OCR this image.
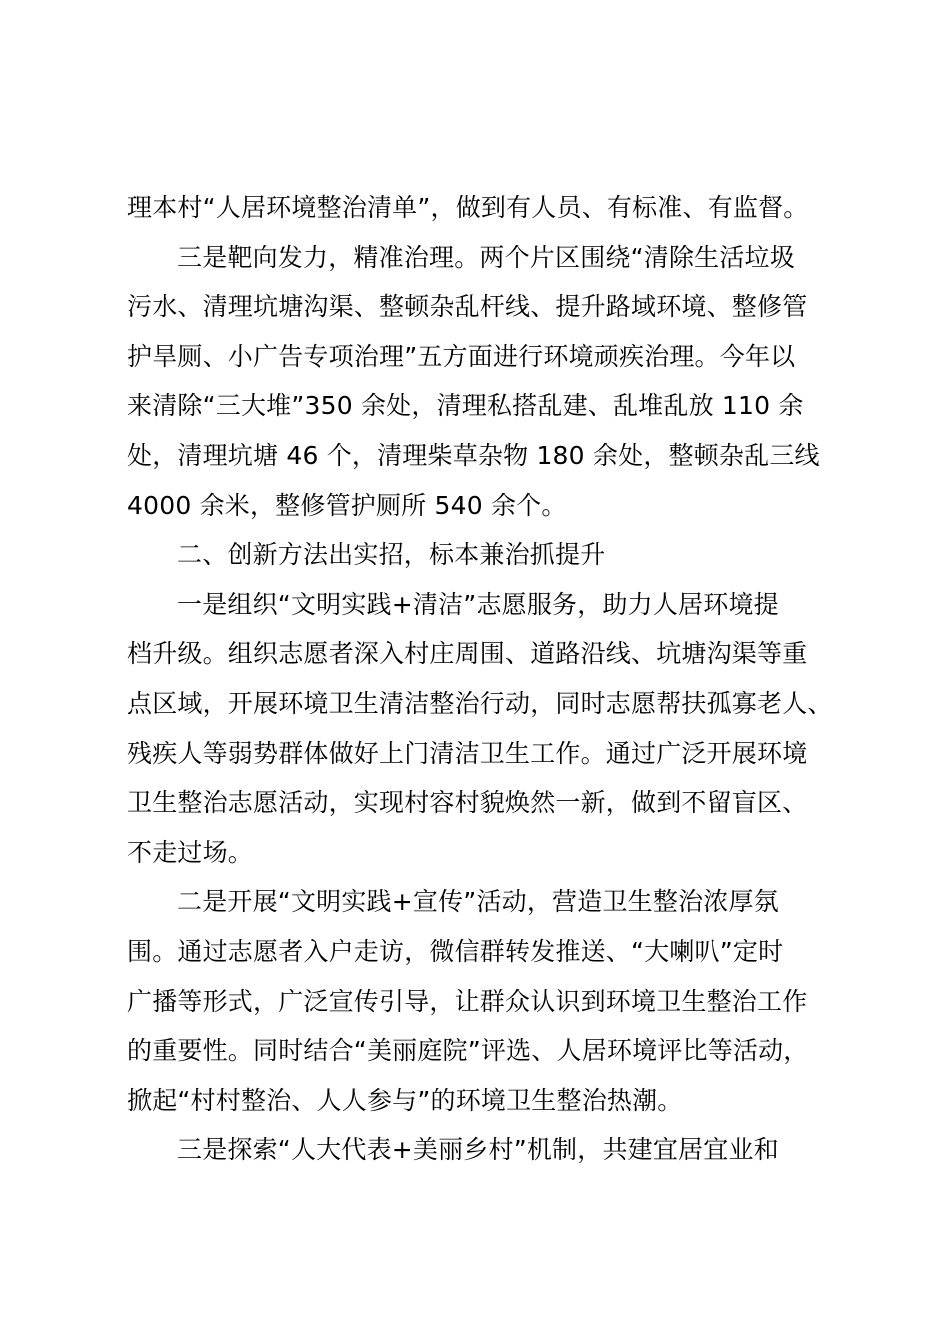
理本村“人居环境整治清单”，做到有人员、有标准、有监督。
三是靶向发力，精准治理。两个片区围绕“清除生活垃圾
污水、清理坑塘沟渠、整顿杂乱杆线、提升路域环境、整修管
护旱厕、小广告专项治理”五方面进行环境顽疾治理。今年以
来清除“三大堆”350 余处，清理私搭乱建、乱堆乱放 110 余
处，清理坑塘 46 个，清理柴草杂物 180 余处，整顿杂乱三线
4000 余米，整修管护厕所 540 余个。
二、创新方法出实招，标本兼治抓提升
一是组织“文明实践+清洁”志愿服务，助力人居环境提
档升级。组织志愿者深入村庄周围、道路沿线、坑塘沟渠等重
点区域，开展环境卫生清洁整治行动，同时志愿帮扶孤寡老人、
残疾人等弱势群体做好上门清洁卫生工作。通过广泛开展环境
卫生整治志愿活动，实现村容村貌焕然一新，做到不留盲区、
不走过场。
二是开展“文明实践+宣传”活动，营造卫生整治浓厚氛
围。通过志愿者入户走访，微信群转发推送、“大喇叭”定时
广播等形式，广泛宣传引导，让群众认识到环境卫生整治工作
的重要性。同时结合“美丽庭院”评选、人居环境评比等活动，
掀起“村村整治、人人参与”的环境卫生整治热潮。
三是探索“人大代表+美丽乡村”机制，共建宜居宜业和
